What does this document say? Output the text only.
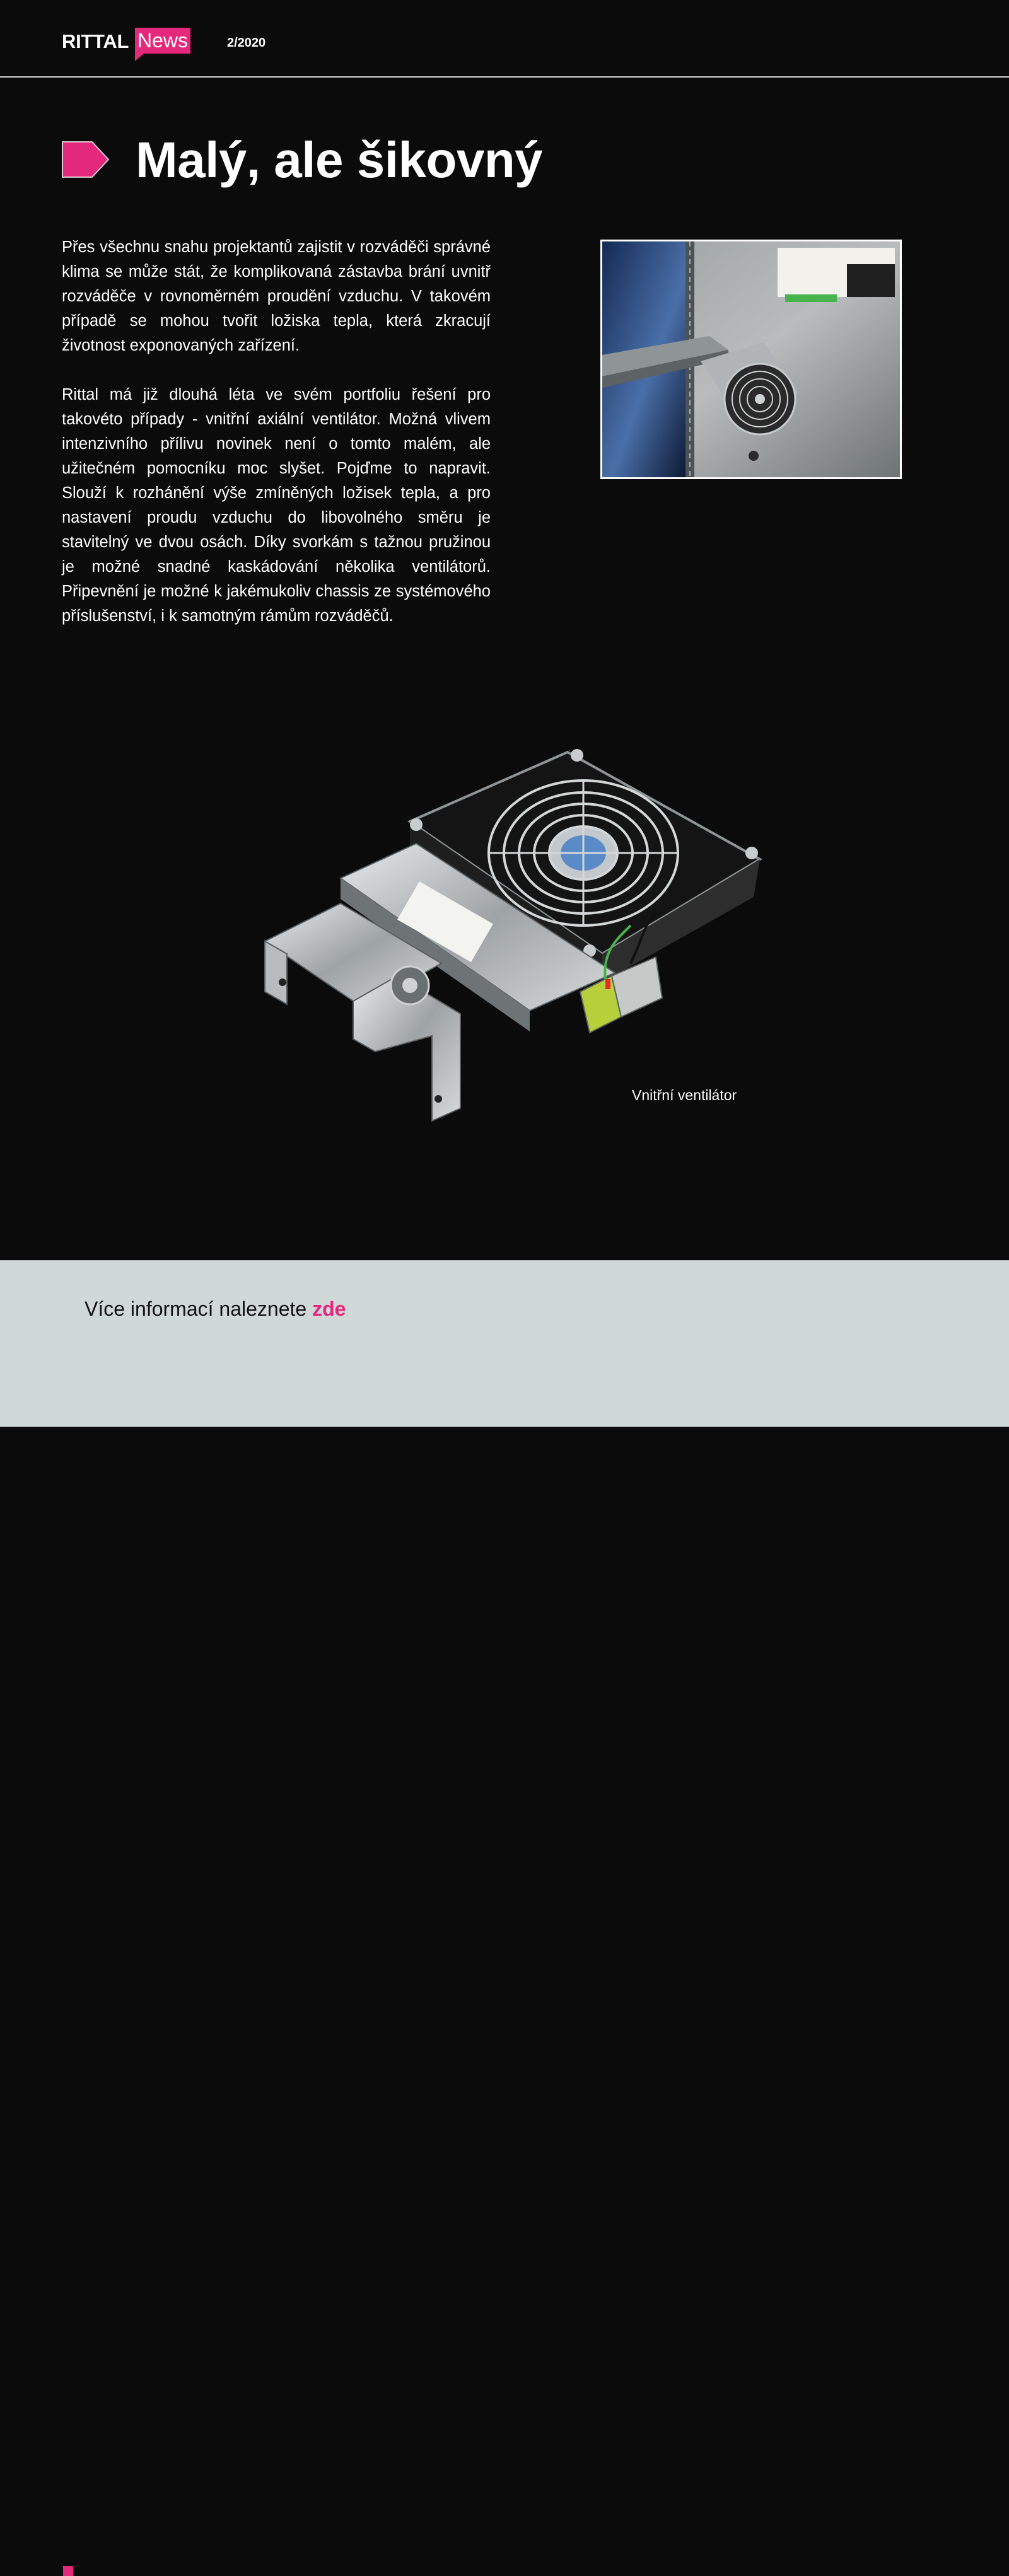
RITTAL News	2/2020
Malý, ale šikovný

Přes všechnu snahu projektantů zajistit v rozváděči správné klima se může stát, že komplikovaná zástavba brání uvnitř rozváděče v rovnoměrném proudění vzduchu. V takovém případě se mohou tvořit ložiska tepla, která zkracují životnost exponovaných zařízení.

Rittal má již dlouhá léta ve svém portfoliu řešení pro takovéto případy - vnitřní axiální ventilátor. Možná vlivem intenzivního přílivu novinek není o tomto malém, ale užitečném pomocníku moc slyšet. Pojďme to napravit. Slouží k rozhánění výše zmíněných ložisek tepla, a pro nastavení proudu vzduchu do libovolného směru je stavitelný ve dvou osách. Díky svorkám s tažnou pružinou je možné snadné kaskádování několika ventilátorů. Připevnění je možné k jakémukoliv chassis ze systémového příslušenství, i k samotným rámům rozváděčů.

Vnitřní ventilátor
Více informací naleznete zde
